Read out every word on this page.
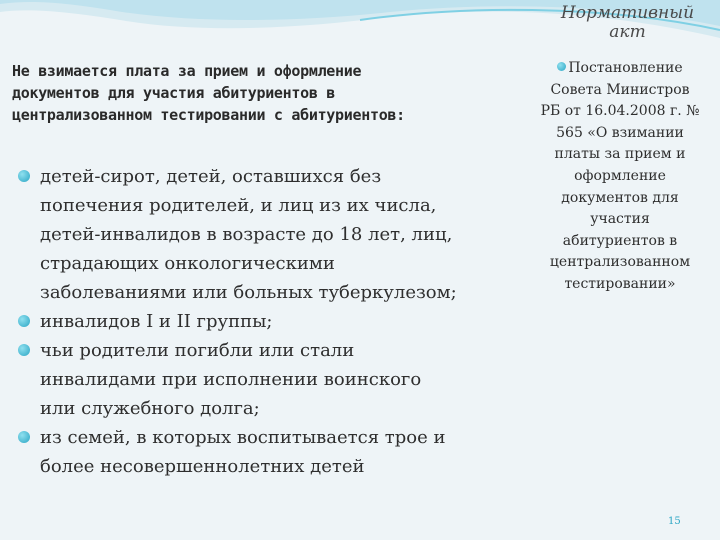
Нормативный
акт
Не взимается плата за прием и оформление
документов для участия абитуриентов в
централизованном тестировании с абитуриентов:
детей-сирот, детей, оставшихся без
попечения родителей, и лиц из их числа,
детей-инвалидов в возрасте до 18 лет, лиц,
страдающих онкологическими
заболеваниями или больных туберкулезом;
инвалидов I и II группы;
чьи родители погибли или стали
инвалидами при исполнении воинского
или служебного долга;
из семей, в которых воспитывается трое и
более несовершеннолетних детей
Постановление
Совета Министров
РБ от 16.04.2008 г. №
565 «О взимании
платы за прием и
оформление
документов для
участия
абитуриентов в
централизованном
тестировании»
15
